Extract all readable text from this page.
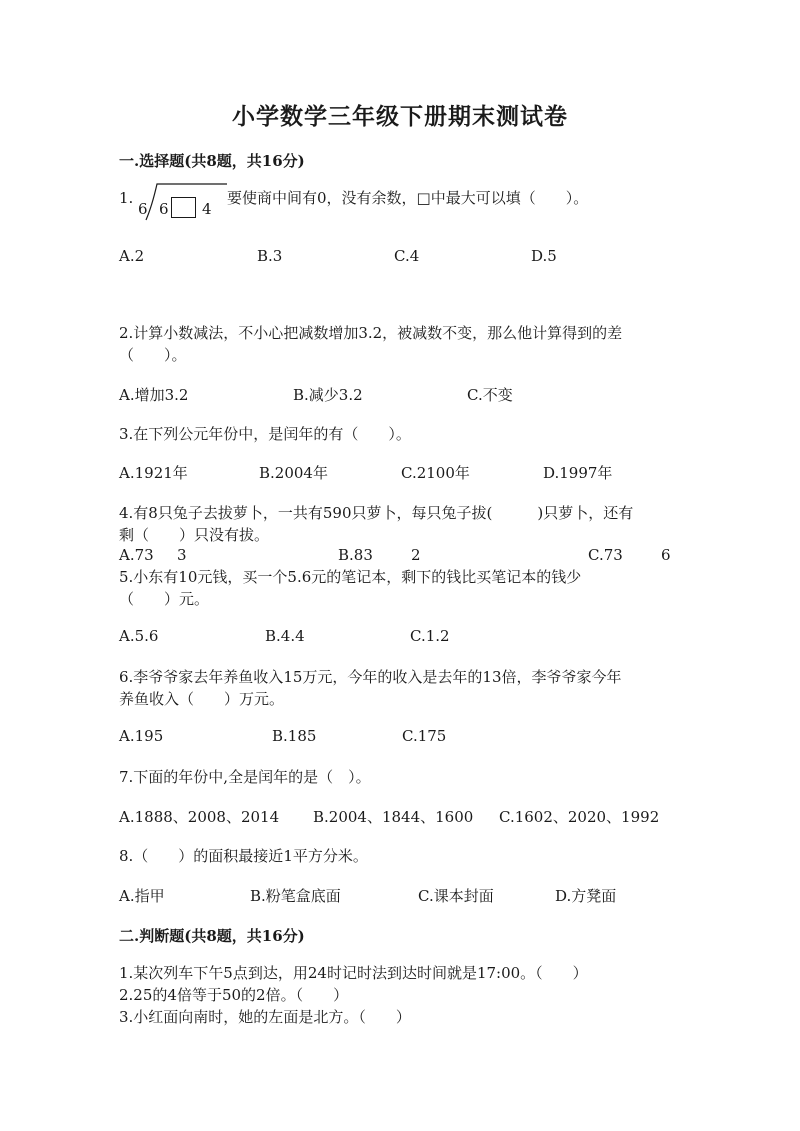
小学数学三年级下册期末测试卷
一.选择题(共8题，共16分)
1.
6 6 4
要使商中间有0，没有余数，□中最大可以填（　　）。
A.2	B.3	C.4	D.5
2.计算小数减法，不小心把减数增加3.2，被减数不变，那么他计算得到的差
（　　）。
A.增加3.2	B.减少3.2	C.不变
3.在下列公元年份中，是闰年的有（　　）。
A.1921年	B.2004年	C.2100年	D.1997年
4.有8只兔子去拔萝卜，一共有590只萝卜，每只兔子拔(　　　)只萝卜，还有
剩（　　）只没有拔。
A.73 3	B.83	2	C.73	6
5.小东有10元钱，买一个5.6元的笔记本，剩下的钱比买笔记本的钱少
（　　）元。
A.5.6	B.4.4	C.1.2
6.李爷爷家去年养鱼收入15万元，今年的收入是去年的13倍，李爷爷家今年
养鱼收入（　　）万元。
A.195	B.185	C.175
7.下面的年份中,全是闰年的是（　）。
A.1888、2008、2014 B.2004、1844、1600 C.1602、2020、1992
8.（　　）的面积最接近1平方分米。
A.指甲	B.粉笔盒底面	C.课本封面	D.方凳面
二.判断题(共8题，共16分)
1.某次列车下午5点到达，用24时记时法到达时间就是17:00。（　　）
2.25的4倍等于50的2倍。（　　）
3.小红面向南时，她的左面是北方。（　　）
